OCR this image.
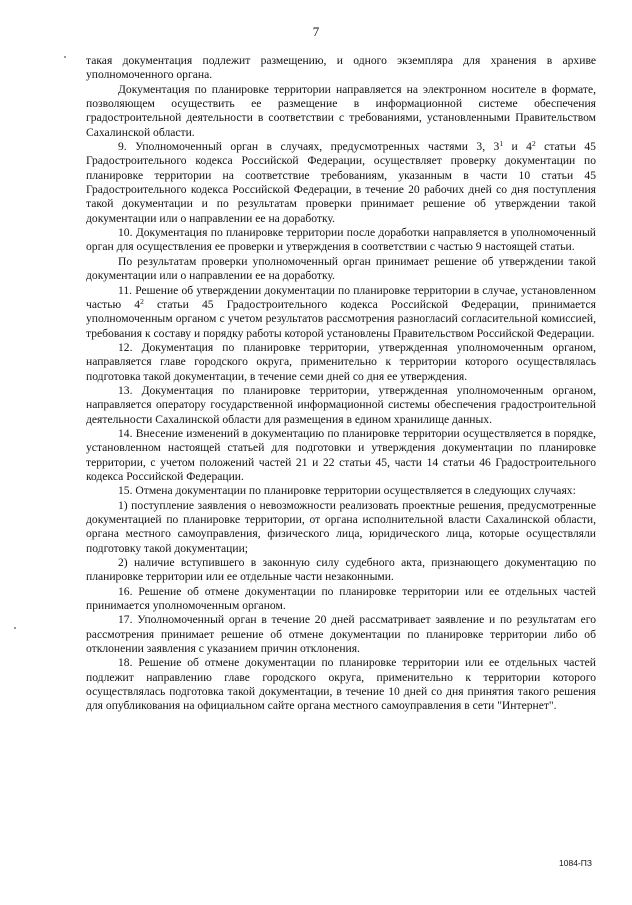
7

такая документация подлежит размещению, и одного экземпляра для хранения в архиве уполномоченного органа.

Документация по планировке территории направляется на электронном носителе в формате, позволяющем осуществить ее размещение в информационной системе обеспечения градостроительной деятельности в соответствии с требованиями, установленными Правительством Сахалинской области.

9. Уполномоченный орган в случаях, предусмотренных частями 3, $3^1$ и $4^2$ статьи 45 Градостроительного кодекса Российской Федерации, осуществляет проверку документации по планировке территории на соответствие требованиям, указанным в части 10 статьи 45 Градостроительного кодекса Российской Федерации, в течение 20 рабочих дней со дня поступления такой документации и по результатам проверки принимает решение об утверждении такой документации или о направлении ее на доработку.

10. Документация по планировке территории после доработки направляется в уполномоченный орган для осуществления ее проверки и утверждения в соответствии с частью 9 настоящей статьи.

По результатам проверки уполномоченный орган принимает решение об утверждении такой документации или о направлении ее на доработку.

11. Решение об утверждении документации по планировке территории в случае, установленном частью $4^2$ статьи 45 Градостроительного кодекса Российской Федерации, принимается уполномоченным органом с учетом результатов рассмотрения разногласий согласительной комиссией, требования к составу и порядку работы которой установлены Правительством Российской Федерации.

12. Документация по планировке территории, утвержденная уполномоченным органом, направляется главе городского округа, применительно к территории которого осуществлялась подготовка такой документации, в течение семи дней со дня ее утверждения.

13. Документация по планировке территории, утвержденная уполномоченным органом, направляется оператору государственной информационной системы обеспечения градостроительной деятельности Сахалинской области для размещения в едином хранилище данных.

14. Внесение изменений в документацию по планировке территории осуществляется в порядке, установленном настоящей статьей для подготовки и утверждения документации по планировке территории, с учетом положений частей 21 и 22 статьи 45, части 14 статьи 46 Градостроительного кодекса Российской Федерации.

15. Отмена документации по планировке территории осуществляется в следующих случаях:

1) поступление заявления о невозможности реализовать проектные решения, предусмотренные документацией по планировке территории, от органа исполнительной власти Сахалинской области, органа местного самоуправления, физического лица, юридического лица, которые осуществляли подготовку такой документации;

2) наличие вступившего в законную силу судебного акта, признающего документацию по планировке территории или ее отдельные части незаконными.

16. Решение об отмене документации по планировке территории или ее отдельных частей принимается уполномоченным органом.

17. Уполномоченный орган в течение 20 дней рассматривает заявление и по результатам его рассмотрения принимает решение об отмене документации по планировке территории либо об отклонении заявления с указанием причин отклонения.

18. Решение об отмене документации по планировке территории или ее отдельных частей подлежит направлению главе городского округа, применительно к территории которого осуществлялась подготовка такой документации, в течение 10 дней со дня принятия такого решения для опубликования на официальном сайте органа местного самоуправления в сети "Интернет".

1084-ПЗ
